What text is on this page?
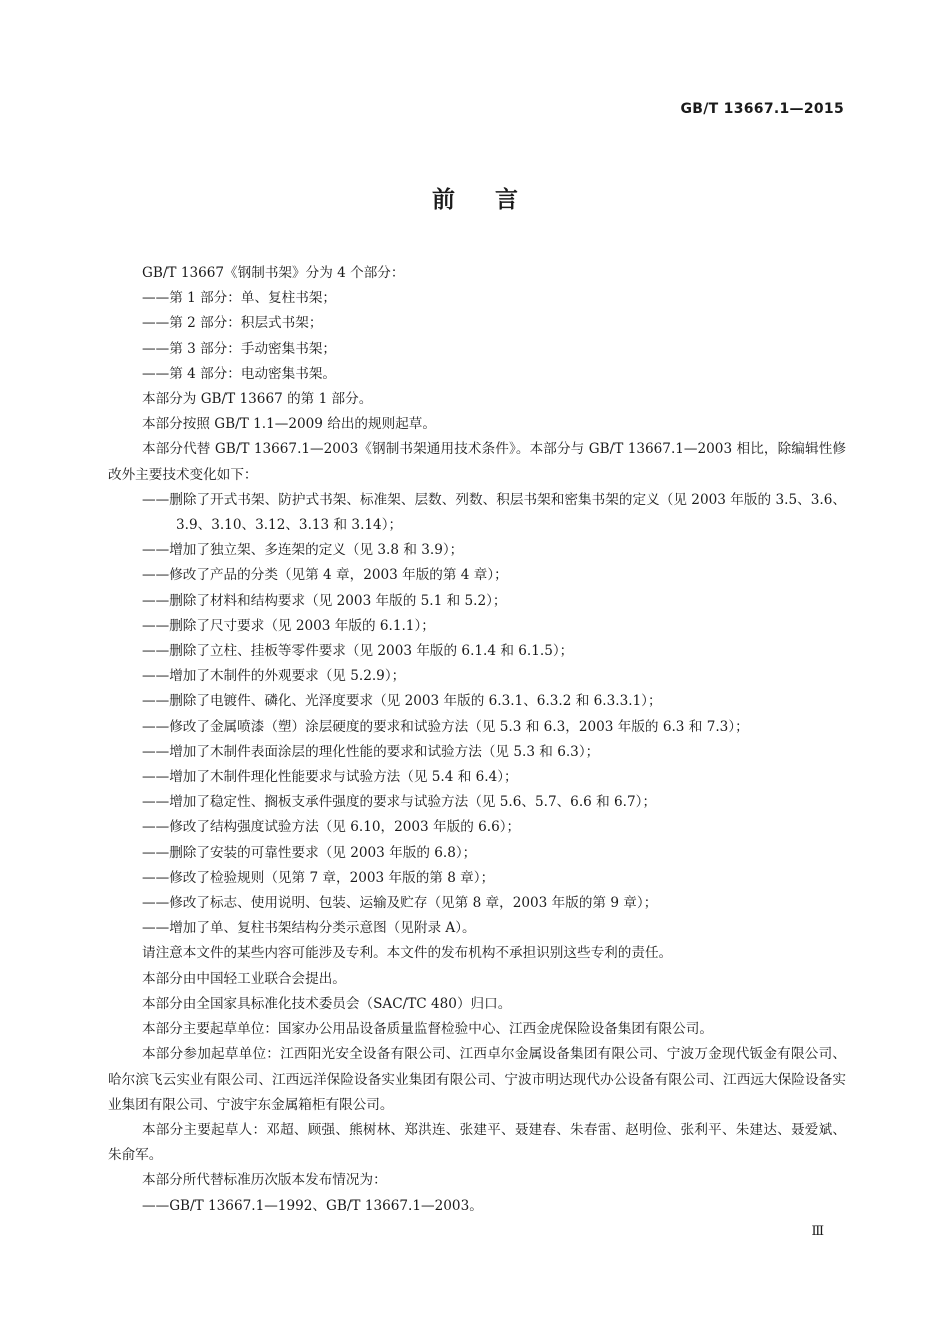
GB/T 13667.1—2015
前言

GB/T 13667《钢制书架》分为 4 个部分：

——第 1 部分：单、复柱书架；

——第 2 部分：积层式书架；

——第 3 部分：手动密集书架；

——第 4 部分：电动密集书架。

本部分为 GB/T 13667 的第 1 部分。

本部分按照 GB/T 1.1—2009 给出的规则起草。

本部分代替 GB/T 13667.1—2003《钢制书架通用技术条件》。本部分与 GB/T 13667.1—2003 相比，除编辑性修改外主要技术变化如下：

——删除了开式书架、防护式书架、标准架、层数、列数、积层书架和密集书架的定义（见 2003 年版的 3.5、3.6、3.9、3.10、3.12、3.13 和 3.14）；

——增加了独立架、多连架的定义（见 3.8 和 3.9）；

——修改了产品的分类（见第 4 章，2003 年版的第 4 章）；

——删除了材料和结构要求（见 2003 年版的 5.1 和 5.2）；

——删除了尺寸要求（见 2003 年版的 6.1.1）；

——删除了立柱、挂板等零件要求（见 2003 年版的 6.1.4 和 6.1.5）；

——增加了木制件的外观要求（见 5.2.9）；

——删除了电镀件、磷化、光泽度要求（见 2003 年版的 6.3.1、6.3.2 和 6.3.3.1）；

——修改了金属喷漆（塑）涂层硬度的要求和试验方法（见 5.3 和 6.3，2003 年版的 6.3 和 7.3）；

——增加了木制件表面涂层的理化性能的要求和试验方法（见 5.3 和 6.3）；

——增加了木制件理化性能要求与试验方法（见 5.4 和 6.4）；

——增加了稳定性、搁板支承件强度的要求与试验方法（见 5.6、5.7、6.6 和 6.7）；

——修改了结构强度试验方法（见 6.10，2003 年版的 6.6）；

——删除了安装的可靠性要求（见 2003 年版的 6.8）；

——修改了检验规则（见第 7 章，2003 年版的第 8 章）；

——修改了标志、使用说明、包装、运输及贮存（见第 8 章，2003 年版的第 9 章）；

——增加了单、复柱书架结构分类示意图（见附录 A）。

请注意本文件的某些内容可能涉及专利。本文件的发布机构不承担识别这些专利的责任。

本部分由中国轻工业联合会提出。

本部分由全国家具标准化技术委员会（SAC/TC 480）归口。

本部分主要起草单位：国家办公用品设备质量监督检验中心、江西金虎保险设备集团有限公司。

本部分参加起草单位：江西阳光安全设备有限公司、江西卓尔金属设备集团有限公司、宁波万金现代钣金有限公司、哈尔滨飞云实业有限公司、江西远洋保险设备实业集团有限公司、宁波市明达现代办公设备有限公司、江西远大保险设备实业集团有限公司、宁波宇东金属箱柜有限公司。

本部分主要起草人：邓超、顾强、熊树林、郑洪连、张建平、聂建春、朱春雷、赵明俭、张利平、朱建达、聂爱斌、朱俞军。

本部分所代替标准历次版本发布情况为：

——GB/T 13667.1—1992、GB/T 13667.1—2003。

Ⅲ
